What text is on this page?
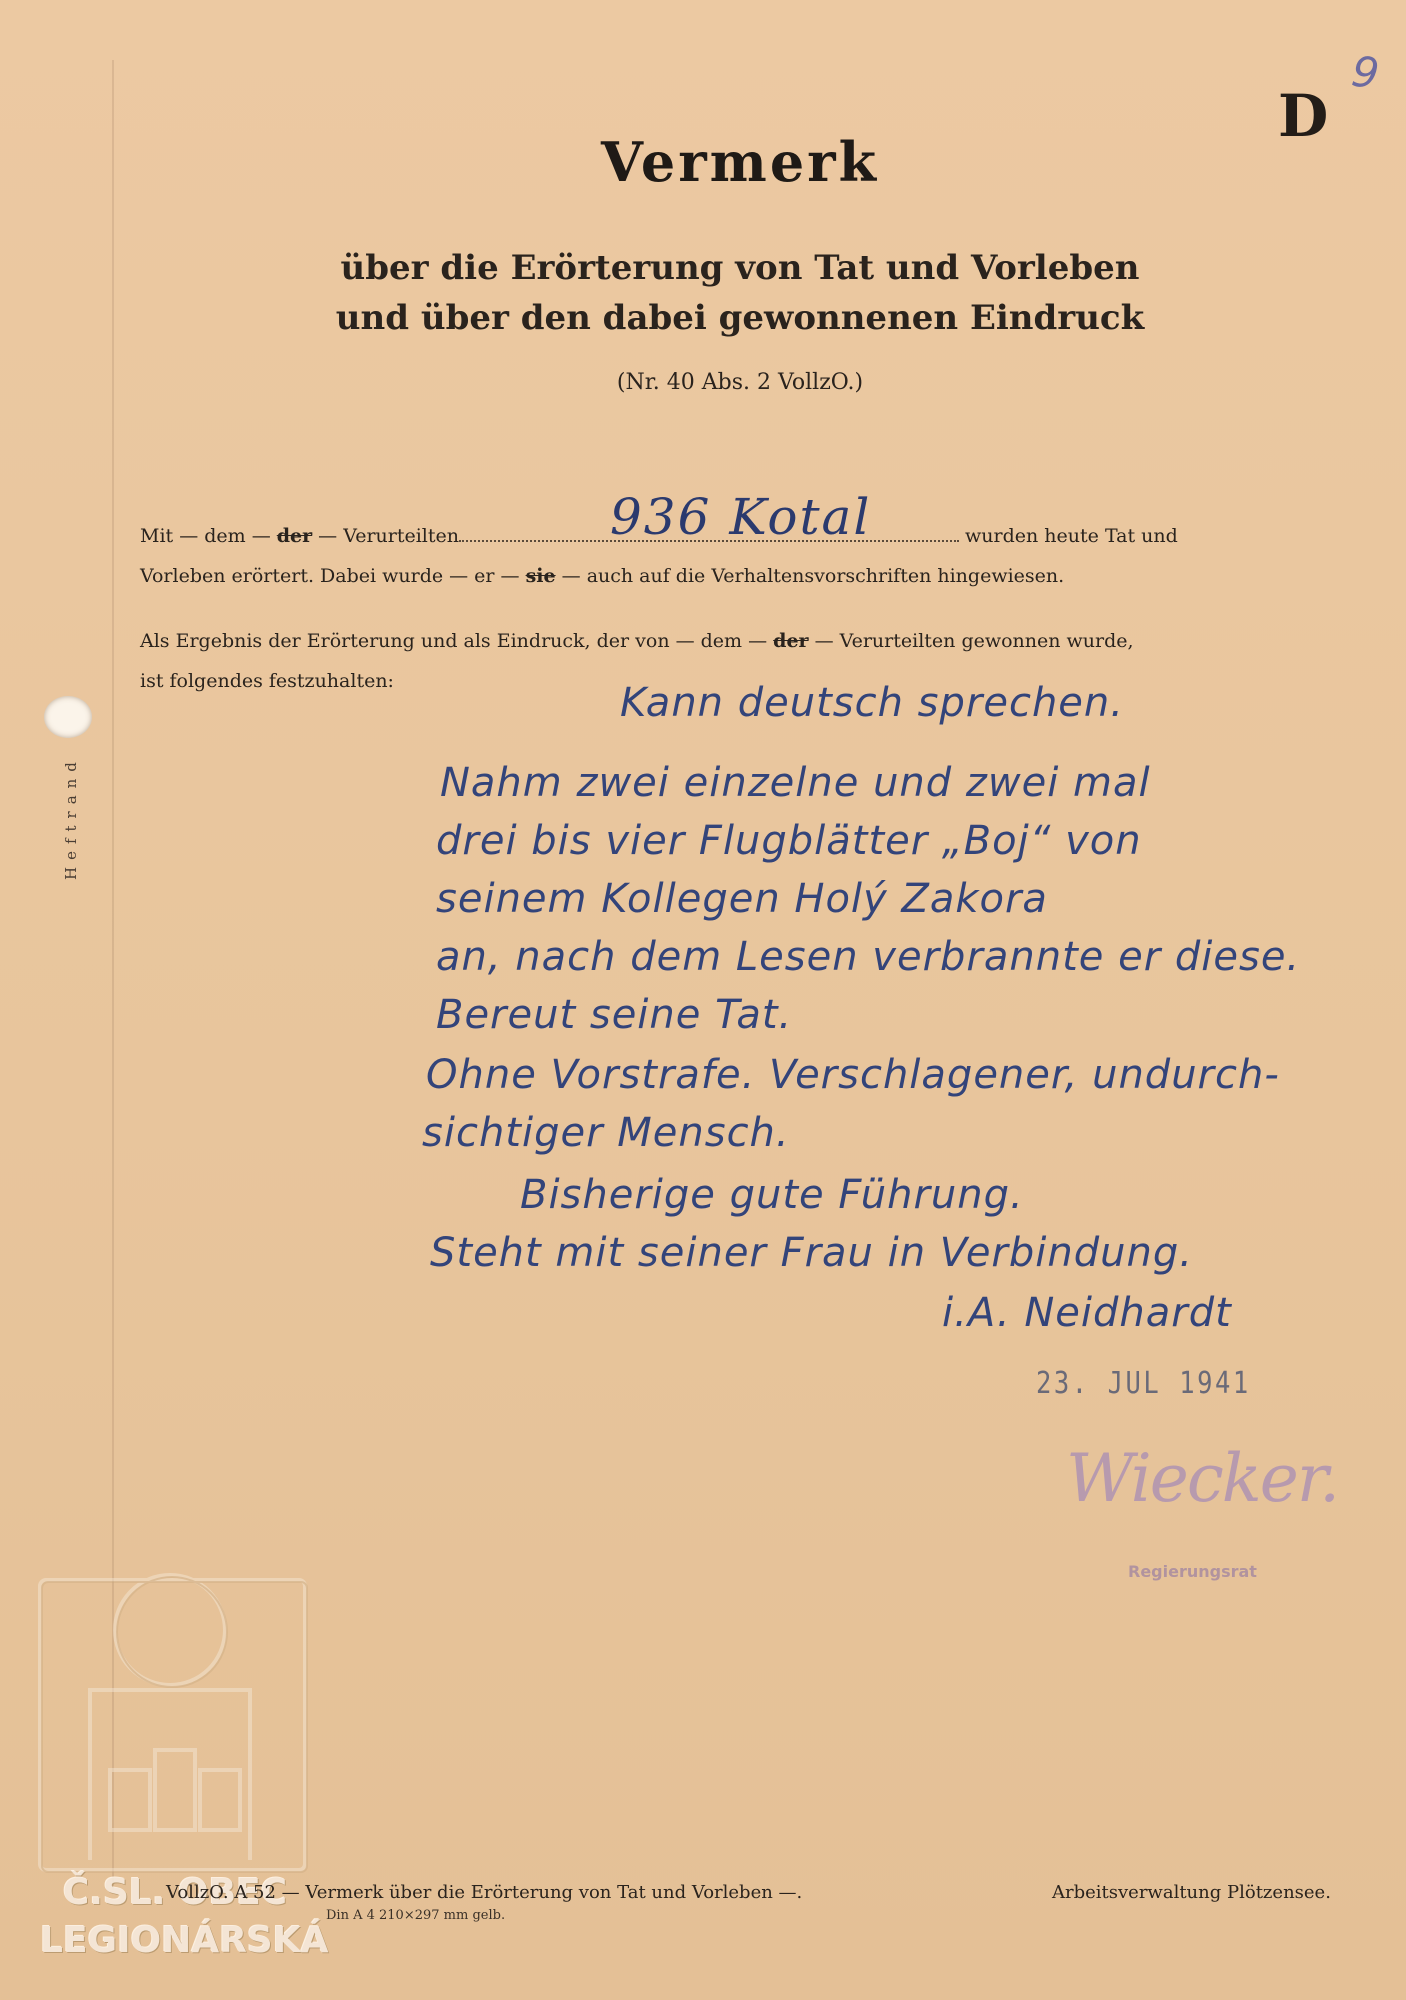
D
9
Vermerk
über die Erörterung von Tat und Vorleben
und über den dabei gewonnenen Eindruck
(Nr. 40 Abs. 2 VollzO.)
Mit — dem — der — Verurteilten	wurden heute Tat und
Vorleben erörtert. Dabei wurde — er — sie — auch auf die Verhaltensvorschriften hingewiesen.
Als Ergebnis der Erörterung und als Eindruck, der von — dem — der — Verurteilten gewonnen wurde,
ist folgendes festzuhalten:
936 Kotal
Kann deutsch sprechen.
Nahm zwei einzelne und zwei mal
drei bis vier Flugblätter „Boj“ von
seinem Kollegen Holý Zakora
an, nach dem Lesen verbrannte er diese.
Bereut seine Tat.
Ohne Vorstrafe. Verschlagener, undurch-
sichtiger Mensch.
Bisherige gute Führung.
Steht mit seiner Frau in Verbindung.
i.A. Neidhardt
Heftrand
23. JUL 1941
Wiecker.
Regierungsrat
Č.SL. OBEC
LEGIONÁRSKÁ
VollzO. A 52 — Vermerk über die Erörterung von Tat und Vorleben —.
Din A 4 210×297 mm gelb.
Arbeitsverwaltung Plötzensee.
